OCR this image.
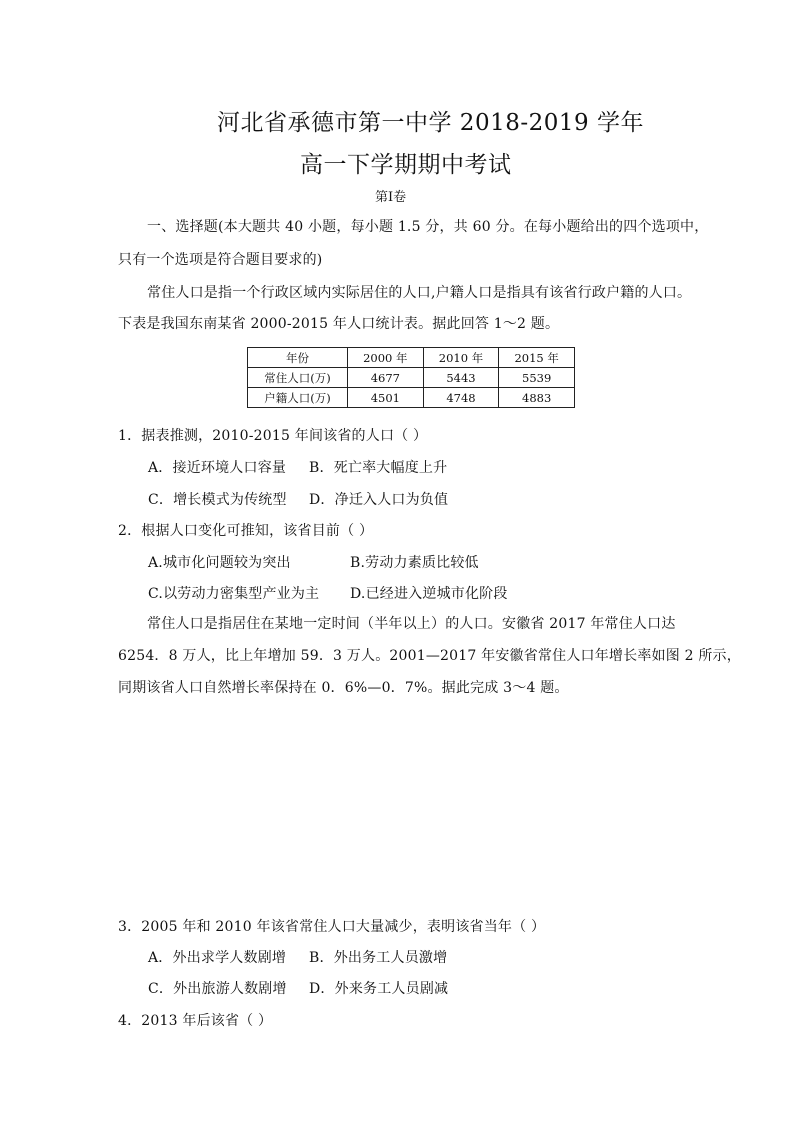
河北省承德市第一中学 2018-2019 学年
高一下学期期中考试
第Ⅰ卷
一、选择题(本大题共 40 小题，每小题 1.5 分，共 60 分。在每小题给出的四个选项中，
只有一个选项是符合题目要求的)
常住人口是指一个行政区域内实际居住的人口,户籍人口是指具有该省行政户籍的人口。
下表是我国东南某省 2000-2015 年人口统计表。据此回答 1～2 题。
年份	2000 年	2010 年	2015 年
常住人口(万)	4677	5443	5539
户籍人口(万)	4501	4748	4883
1．据表推测，2010-2015 年间该省的人口（ ）
A．接近环境人口容量 B．死亡率大幅度上升
C．增长模式为传统型 D．净迁入人口为负值
2．根据人口变化可推知，该省目前（ ）
A.城市化问题较为突出	B.劳动力素质比较低
C.以劳动力密集型产业为主 D.已经进入逆城市化阶段
常住人口是指居住在某地一定时间（半年以上）的人口。安徽省 2017 年常住人口达
6254．8 万人，比上年增加 59．3 万人。2001—2017 年安徽省常住人口年增长率如图 2 所示，
同期该省人口自然增长率保持在 0．6%—0．7%。据此完成 3～4 题。
3．2005 年和 2010 年该省常住人口大量减少，表明该省当年（ ）
A．外出求学人数剧增 B．外出务工人员激增
C．外出旅游人数剧增 D．外来务工人员剧减
4．2013 年后该省（ ）
